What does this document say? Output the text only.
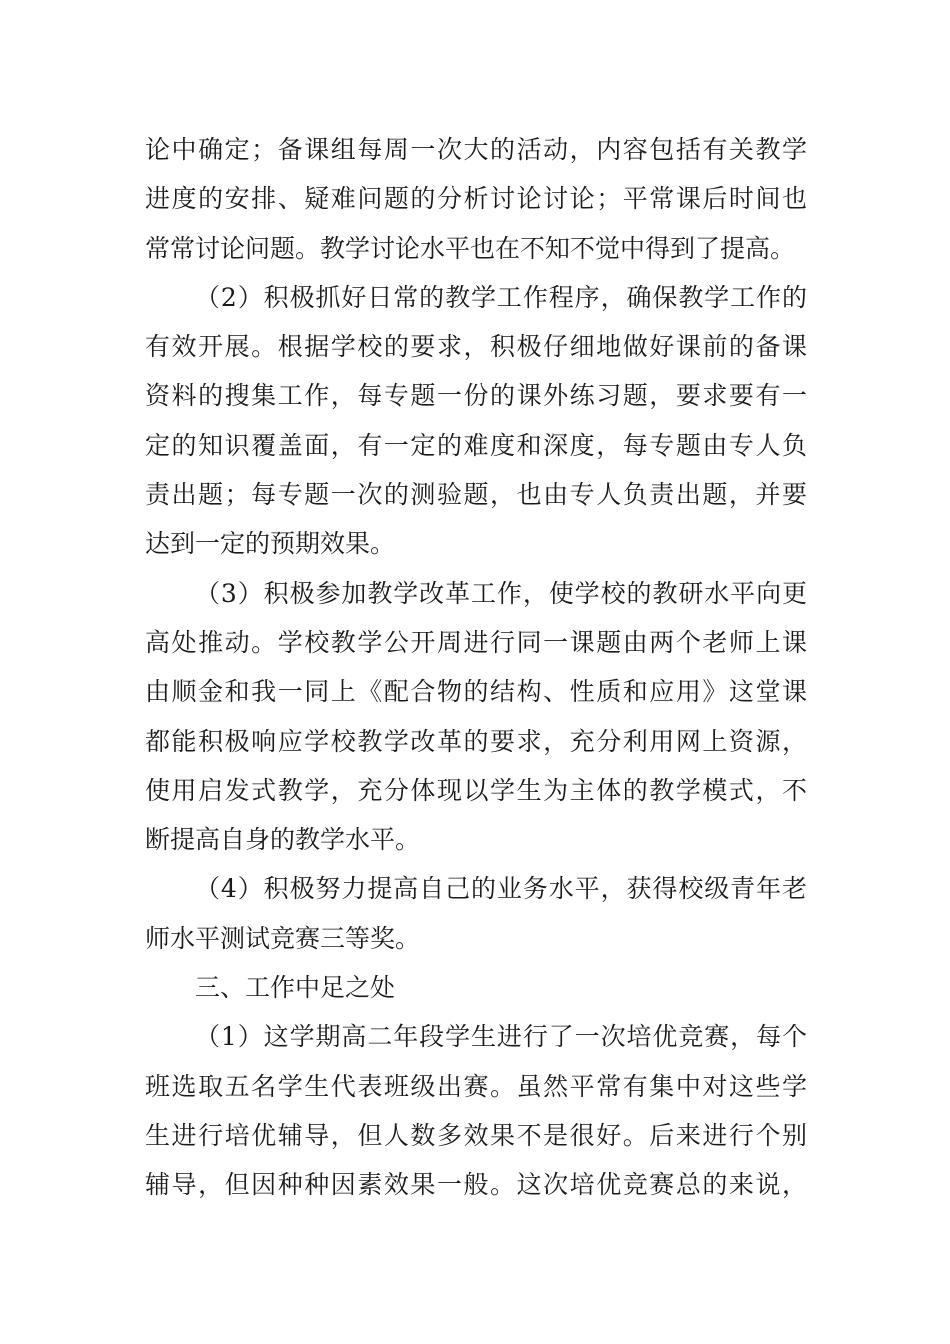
论中确定；备课组每周一次大的活动，内容包括有关教学
进度的安排、疑难问题的分析讨论讨论；平常课后时间也
常常讨论问题。教学讨论水平也在不知不觉中得到了提高。
（2）积极抓好日常的教学工作程序，确保教学工作的
有效开展。根据学校的要求，积极仔细地做好课前的备课
资料的搜集工作，每专题一份的课外练习题，要求要有一
定的知识覆盖面，有一定的难度和深度，每专题由专人负
责出题；每专题一次的测验题，也由专人负责出题，并要
达到一定的预期效果。
（3）积极参加教学改革工作，使学校的教研水平向更
高处推动。学校教学公开周进行同一课题由两个老师上课
由顺金和我一同上《配合物的结构、性质和应用》这堂课
都能积极响应学校教学改革的要求，充分利用网上资源，
使用启发式教学，充分体现以学生为主体的教学模式，不
断提高自身的教学水平。
（4）积极努力提高自己的业务水平，获得校级青年老
师水平测试竞赛三等奖。
三、工作中足之处
（1）这学期高二年段学生进行了一次培优竞赛，每个
班选取五名学生代表班级出赛。虽然平常有集中对这些学
生进行培优辅导，但人数多效果不是很好。后来进行个别
辅导，但因种种因素效果一般。这次培优竞赛总的来说，
